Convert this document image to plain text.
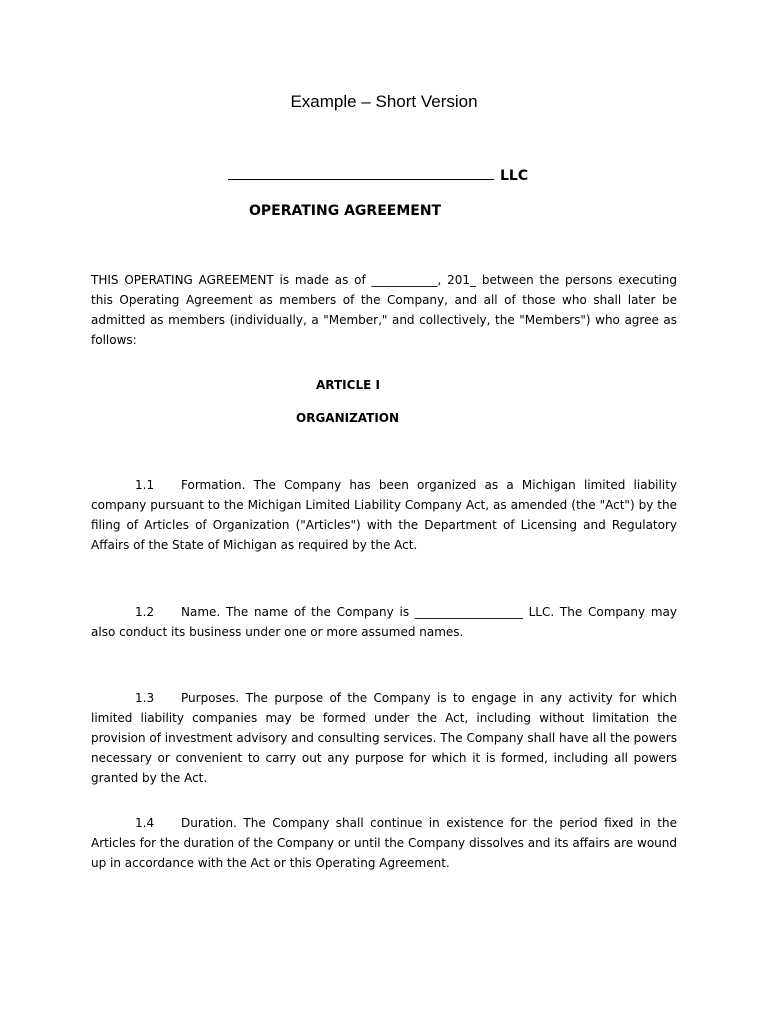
Example – Short Version
LLC
OPERATING AGREEMENT
THIS OPERATING AGREEMENT is made as of ___________, 201_ between the persons executing this Operating Agreement as members of the Company, and all of those who shall later be admitted as members (individually, a "Member," and collectively, the "Members") who agree as follows:
ARTICLE I
ORGANIZATION
1.1 Formation. The Company has been organized as a Michigan limited liability company pursuant to the Michigan Limited Liability Company Act, as amended (the "Act") by the filing of Articles of Organization ("Articles") with the Department of Licensing and Regulatory Affairs of the State of Michigan as required by the Act.
1.2 Name. The name of the Company is __________________ LLC. The Company may also conduct its business under one or more assumed names.
1.3 Purposes. The purpose of the Company is to engage in any activity for which limited liability companies may be formed under the Act, including without limitation the provision of investment advisory and consulting services. The Company shall have all the powers necessary or convenient to carry out any purpose for which it is formed, including all powers granted by the Act.
1.4 Duration. The Company shall continue in existence for the period fixed in the Articles for the duration of the Company or until the Company dissolves and its affairs are wound up in accordance with the Act or this Operating Agreement.
